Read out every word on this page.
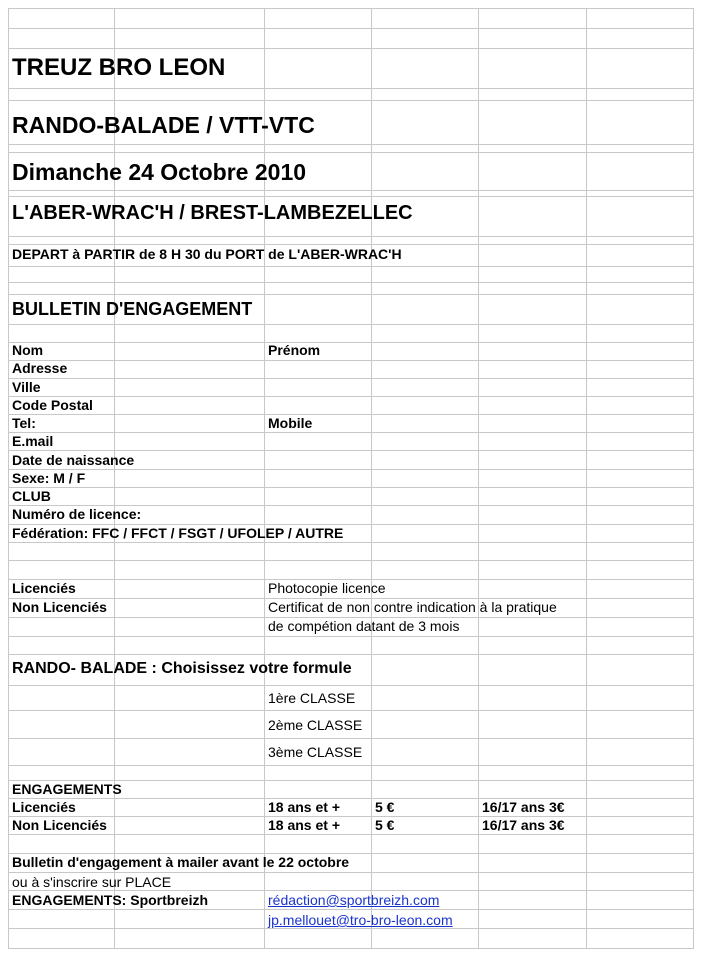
TREUZ BRO LEON
RANDO-BALADE / VTT-VTC
Dimanche 24 Octobre 2010
L'ABER-WRAC'H / BREST-LAMBEZELLEC
DEPART à PARTIR de 8 H 30 du PORT de L'ABER-WRAC'H
BULLETIN D'ENGAGEMENT
Nom	Prénom
Adresse
Ville
Code Postal
Tel:	Mobile
E.mail
Date de naissance
Sexe: M / F
CLUB
Numéro de licence:
Fédération: FFC / FFCT / FSGT / UFOLEP / AUTRE
Licenciés	Photocopie licence
Non Licenciés	Certificat de non contre indication à la pratique
de compétion datant de 3 mois
RANDO- BALADE : Choisissez votre formule
1ère CLASSE
2ème CLASSE
3ème CLASSE
ENGAGEMENTS
Licenciés	18 ans et +	5 €	16/17 ans 3€
Non Licenciés	18 ans et +	5 €	16/17 ans 3€
Bulletin d'engagement à mailer avant le 22 octobre
ou à s'inscrire sur PLACE
ENGAGEMENTS: Sportbreizh	rédaction@sportbreizh.com
jp.mellouet@tro-bro-leon.com
